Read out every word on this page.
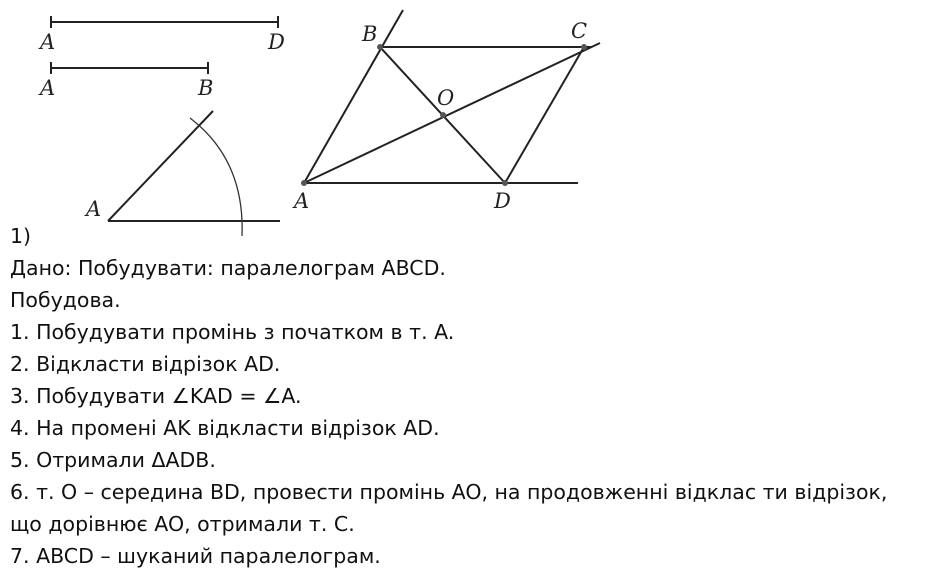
A	D
A	B
A
B	C
O
A	D
1)
Дано: Побудувати: паралелограм ABCD.
Побудова.
1. Побудувати промінь з початком в т. A.
2. Відкласти відрізок AD.
3. Побудувати ∠KAD = ∠A.
4. На промені AK відкласти відрізок AD.
5. Отримали ΔADB.
6. т. O – середина BD, провести промінь AO, на продовженні відклас ти відрізок,
що дорівнює AO, отримали т. C.
7. ABCD – шуканий паралелограм.
